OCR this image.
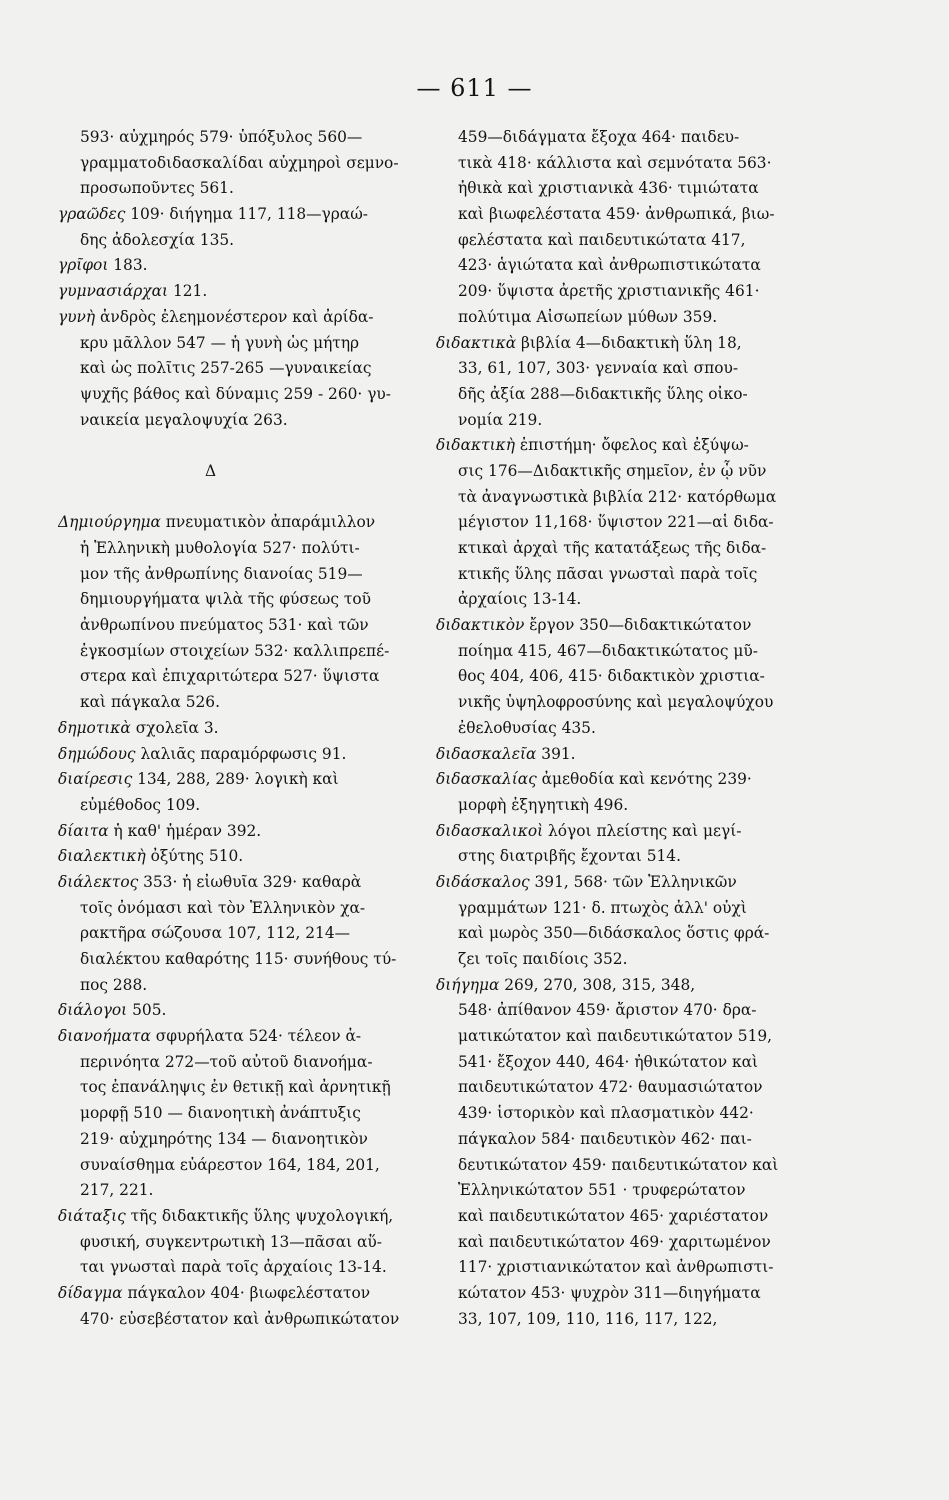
— 611 —
593· αὐχμηρός 579· ὑπόξυλος 560—
γραμματοδιδασκαλίδαι αὐχμηροὶ σεμνο-
προσωποῦντες 561.
γραῶδες 109· διήγημα 117, 118—γραώ-
δης ἀδολεσχία 135.
γρῖφοι 183.
γυμνασιάρχαι 121.
γυνὴ ἀνδρὸς ἐλεημονέστερον καὶ ἀρίδα-
κρυ μᾶλλον 547 — ἡ γυνὴ ὡς μήτηρ
καὶ ὡς πολῖτις 257-265 —γυναικείας
ψυχῆς βάθος καὶ δύναμις 259 - 260· γυ-
ναικεία μεγαλοψυχία 263.
Δ
Δημιούργημα πνευματικὸν ἀπαράμιλλον
ἡ Ἑλληνικὴ μυθολογία 527· πολύτι-
μον τῆς ἀνθρωπίνης διανοίας 519—
δημιουργήματα ψιλὰ τῆς φύσεως τοῦ
ἀνθρωπίνου πνεύματος 531· καὶ τῶν
ἐγκοσμίων στοιχείων 532· καλλιπρεπέ-
στερα καὶ ἐπιχαριτώτερα 527· ὕψιστα
καὶ πάγκαλα 526.
δημοτικὰ σχολεῖα 3.
δημώδους λαλιᾶς παραμόρφωσις 91.
διαίρεσις 134, 288, 289· λογικὴ καὶ
εὐμέθοδος 109.
δίαιτα ἡ καθ' ἡμέραν 392.
διαλεκτικὴ ὀξύτης 510.
διάλεκτος 353· ἡ εἰωθυῖα 329· καθαρὰ
τοῖς ὀνόμασι καὶ τὸν Ἑλληνικὸν χα-
ρακτῆρα σώζουσα 107, 112, 214—
διαλέκτου καθαρότης 115· συνήθους τύ-
πος 288.
διάλογοι 505.
διανοήματα σφυρήλατα 524· τέλεον ἀ-
περινόητα 272—τοῦ αὐτοῦ διανοήμα-
τος ἐπανάληψις ἐν θετικῇ καὶ ἀρνητικῇ
μορφῇ 510 — διανοητικὴ ἀνάπτυξις
219· αὐχμηρότης 134 — διανοητικὸν
συναίσθημα εὐάρεστον 164, 184, 201,
217, 221.
διάταξις τῆς διδακτικῆς ὕλης ψυχολογική,
φυσική, συγκεντρωτικὴ 13—πᾶσαι αὕ-
ται γνωσταὶ παρὰ τοῖς ἀρχαίοις 13-14.
δίδαγμα πάγκαλον 404· βιωφελέστατον
470· εὐσεβέστατον καὶ ἀνθρωπικώτατον
459—διδάγματα ἔξοχα 464· παιδευ-
τικὰ 418· κάλλιστα καὶ σεμνότατα 563·
ἠθικὰ καὶ χριστιανικὰ 436· τιμιώτατα
καὶ βιωφελέστατα 459· ἀνθρωπικά, βιω-
φελέστατα καὶ παιδευτικώτατα 417,
423· ἁγιώτατα καὶ ἀνθρωπιστικώτατα
209· ὕψιστα ἀρετῆς χριστιανικῆς 461·
πολύτιμα Αἰσωπείων μύθων 359.
διδακτικὰ βιβλία 4—διδακτικὴ ὕλη 18,
33, 61, 107, 303· γενναία καὶ σπου-
δῆς ἀξία 288—διδακτικῆς ὕλης οἰκο-
νομία 219.
διδακτικὴ ἐπιστήμη· ὄφελος καὶ ἐξύψω-
σις 176—Διδακτικῆς σημεῖον, ἐν ᾧ νῦν
τὰ ἀναγνωστικὰ βιβλία 212· κατόρθωμα
μέγιστον 11,168· ὕψιστον 221—αἱ διδα-
κτικαὶ ἀρχαὶ τῆς κατατάξεως τῆς διδα-
κτικῆς ὕλης πᾶσαι γνωσταὶ παρὰ τοῖς
ἀρχαίοις 13-14.
διδακτικὸν ἔργον 350—διδακτικώτατον
ποίημα 415, 467—διδακτικώτατος μῦ-
θος 404, 406, 415· διδακτικὸν χριστια-
νικῆς ὑψηλοφροσύνης καὶ μεγαλοψύχου
ἐθελοθυσίας 435.
διδασκαλεῖα 391.
διδασκαλίας ἀμεθοδία καὶ κενότης 239·
μορφὴ ἐξηγητικὴ 496.
διδασκαλικοὶ λόγοι πλείστης καὶ μεγί-
στης διατριβῆς ἔχονται 514.
διδάσκαλος 391, 568· τῶν Ἑλληνικῶν
γραμμάτων 121· δ. πτωχὸς ἀλλ' οὐχὶ
καὶ μωρὸς 350—διδάσκαλος ὅστις φρά-
ζει τοῖς παιδίοις 352.
διήγημα 269, 270, 308, 315, 348,
548· ἀπίθανον 459· ἄριστον 470· δρα-
ματικώτατον καὶ παιδευτικώτατον 519,
541· ἔξοχον 440, 464· ἠθικώτατον καὶ
παιδευτικώτατον 472· θαυμασιώτατον
439· ἱστορικὸν καὶ πλασματικὸν 442·
πάγκαλον 584· παιδευτικὸν 462· παι-
δευτικώτατον 459· παιδευτικώτατον καὶ
Ἑλληνικώτατον 551 · τρυφερώτατον
καὶ παιδευτικώτατον 465· χαριέστατον
καὶ παιδευτικώτατον 469· χαριτωμένον
117· χριστιανικώτατον καὶ ἀνθρωπιστι-
κώτατον 453· ψυχρὸν 311—διηγήματα
33, 107, 109, 110, 116, 117, 122,
